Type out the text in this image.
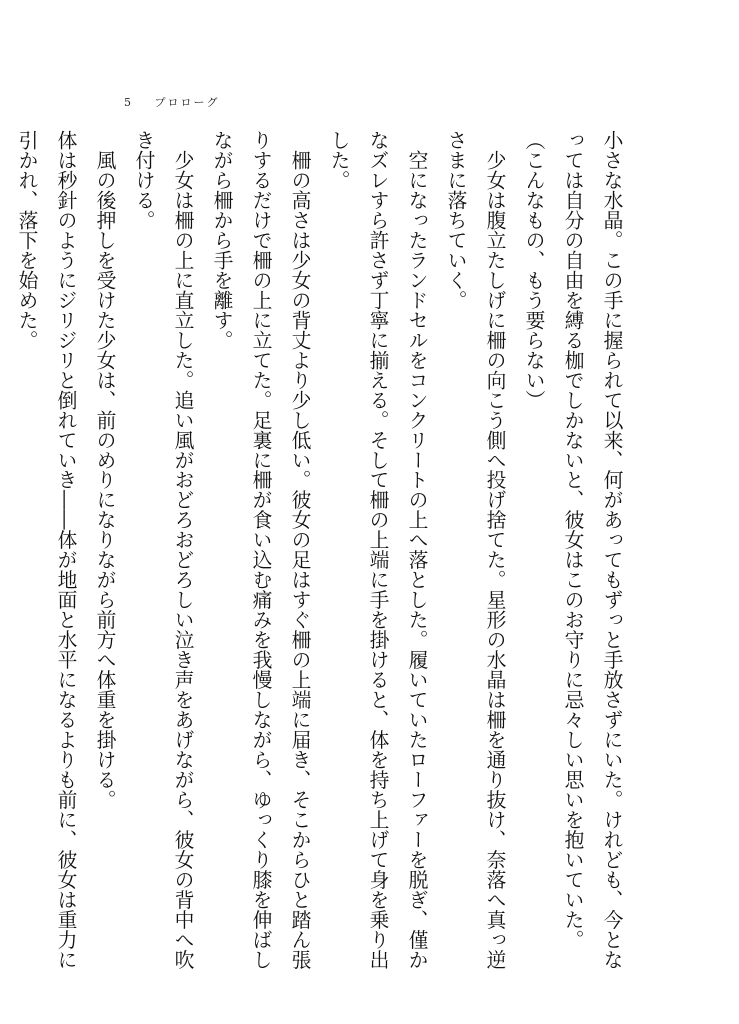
5 プロローグ
小さな水晶。この手に握られて以来、何があってもずっと手放さずにいた。けれども、今とな
っては自分の自由を縛る枷でしかないと、彼女はこのお守りに忌々しい思いを抱いていた。
（こんなもの、もう要らない）
　少女は腹立たしげに柵の向こう側へ投げ捨てた。星形の水晶は柵を通り抜け、奈落へ真っ逆
さまに落ちていく。
　空になったランドセルをコンクリートの上へ落とした。履いていたローファーを脱ぎ、僅か
なズレすら許さず丁寧に揃える。そして柵の上端に手を掛けると、体を持ち上げて身を乗り出
した。
　柵の高さは少女の背丈より少し低い。彼女の足はすぐ柵の上端に届き、そこからひと踏ん張
りするだけで柵の上に立てた。足裏に柵が食い込む痛みを我慢しながら、ゆっくり膝を伸ばし
ながら柵から手を離す。
　少女は柵の上に直立した。追い風がおどろおどろしい泣き声をあげながら、彼女の背中へ吹
き付ける。
　風の後押しを受けた少女は、前のめりになりながら前方へ体重を掛ける。
体は秒針のようにジリジリと倒れていき――体が地面と水平になるよりも前に、彼女は重力に
引かれ、落下を始めた。
